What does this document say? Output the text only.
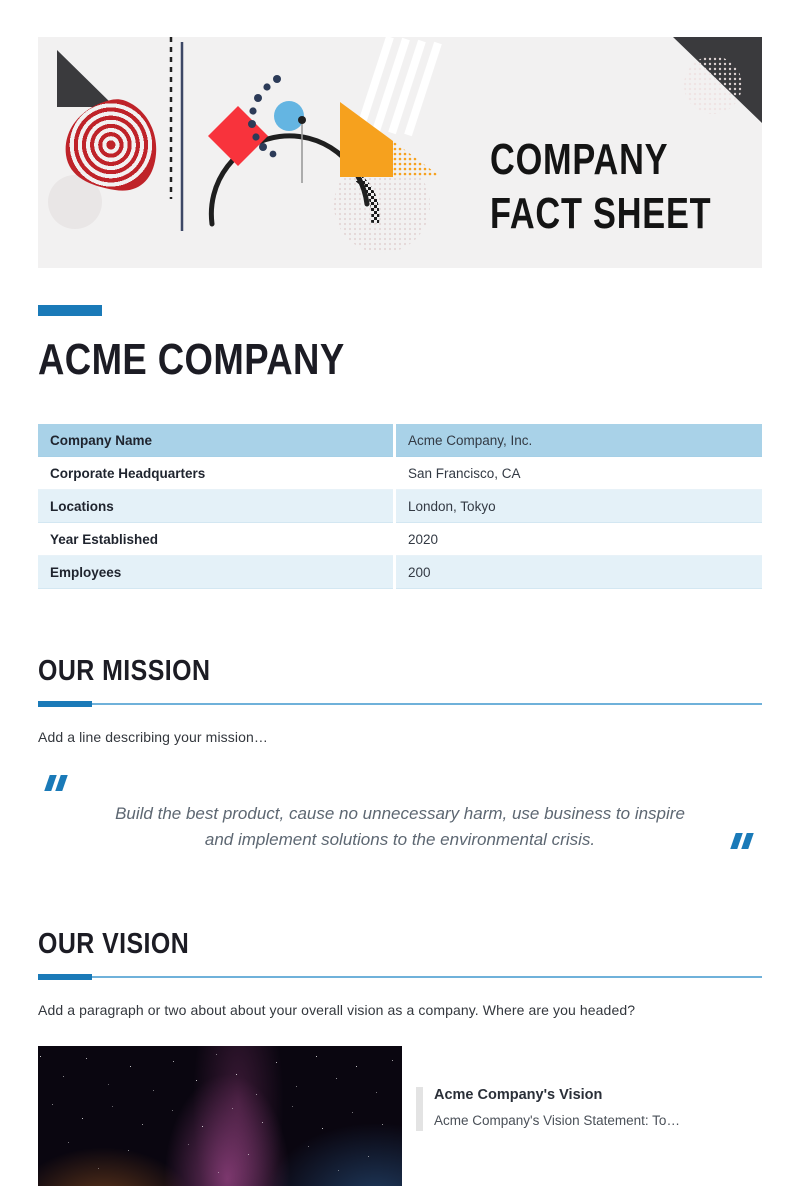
COMPANY
FACT SHEET
ACME COMPANY
Company Name	Acme Company, Inc.
Corporate Headquarters	San Francisco, CA
Locations	London, Tokyo
Year Established	2020
Employees	200
OUR MISSION

Add a line describing your mission…

Build the best product, cause no unnecessary harm, use business to inspire
and implement solutions to the environmental crisis.

OUR VISION

Add a paragraph or two about about your overall vision as a company. Where are you headed?

Acme Company's Vision

Acme Company's Vision Statement: To…
